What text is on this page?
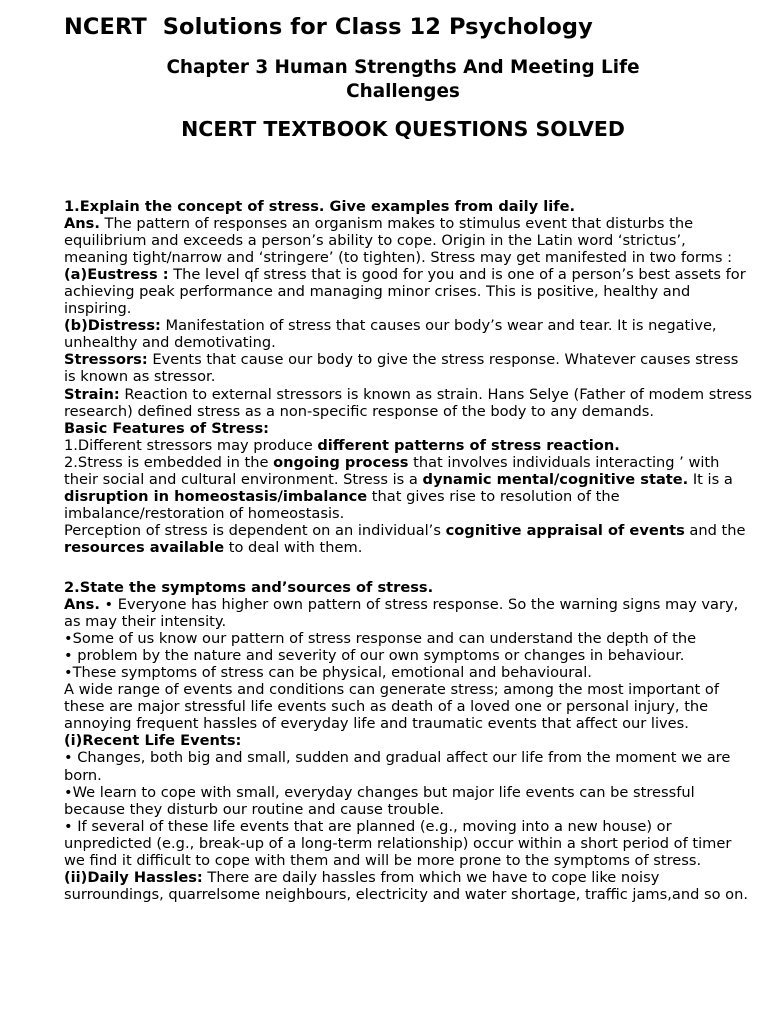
NCERT  Solutions for Class 12 Psychology
Chapter 3 Human Strengths And Meeting Life Challenges
NCERT TEXTBOOK QUESTIONS SOLVED

1.Explain the concept of stress. Give examples from daily life.

Ans. The pattern of responses an organism makes to stimulus event that disturbs the equilibrium and exceeds a person’s ability to cope. Origin in the Latin word ‘strictus’, meaning tight/narrow and ‘stringere’ (to tighten). Stress may get manifested in two forms :

(a)Eustress : The level qf stress that is good for you and is one of a person’s best assets for achieving peak performance and managing minor crises. This is positive, healthy and inspiring.

(b)Distress: Manifestation of stress that causes our body’s wear and tear. It is negative, unhealthy and demotivating.

Stressors: Events that cause our body to give the stress response. Whatever causes stress is known as stressor.

Strain: Reaction to external stressors is known as strain. Hans Selye (Father of modem stress research) defined stress as a non-specific response of the body to any demands.

Basic Features of Stress:

1.Different stressors may produce different patterns of stress reaction.

2.Stress is embedded in the ongoing process that involves individuals interacting ’ with their social and cultural environment. Stress is a dynamic mental/cognitive state. It is a disruption in homeostasis/imbalance that gives rise to resolution of the imbalance/restoration of homeostasis.

Perception of stress is dependent on an individual’s cognitive appraisal of events and the resources available to deal with them.

2.State the symptoms and’sources of stress.

Ans. • Everyone has higher own pattern of stress response. So the warning signs may vary, as may their intensity.

•Some of us know our pattern of stress response and can understand the depth of the

• problem by the nature and severity of our own symptoms or changes in behaviour.

•These symptoms of stress can be physical, emotional and behavioural.

A wide range of events and conditions can generate stress; among the most important of these are major stressful life events such as death of a loved one or personal injury, the annoying frequent hassles of everyday life and traumatic events that affect our lives.

(i)Recent Life Events:

• Changes, both big and small, sudden and gradual affect our life from the moment we are born.

•We learn to cope with small, everyday changes but major life events can be stressful because they disturb our routine and cause trouble.

• If several of these life events that are planned (e.g., moving into a new house) or unpredicted (e.g., break-up of a long-term relationship) occur within a short period of timer we find it difficult to cope with them and will be more prone to the symptoms of stress.

(ii)Daily Hassles: There are daily hassles from which we have to cope like noisy surroundings, quarrelsome neighbours, electricity and water shortage, traffic jams,and so on.
